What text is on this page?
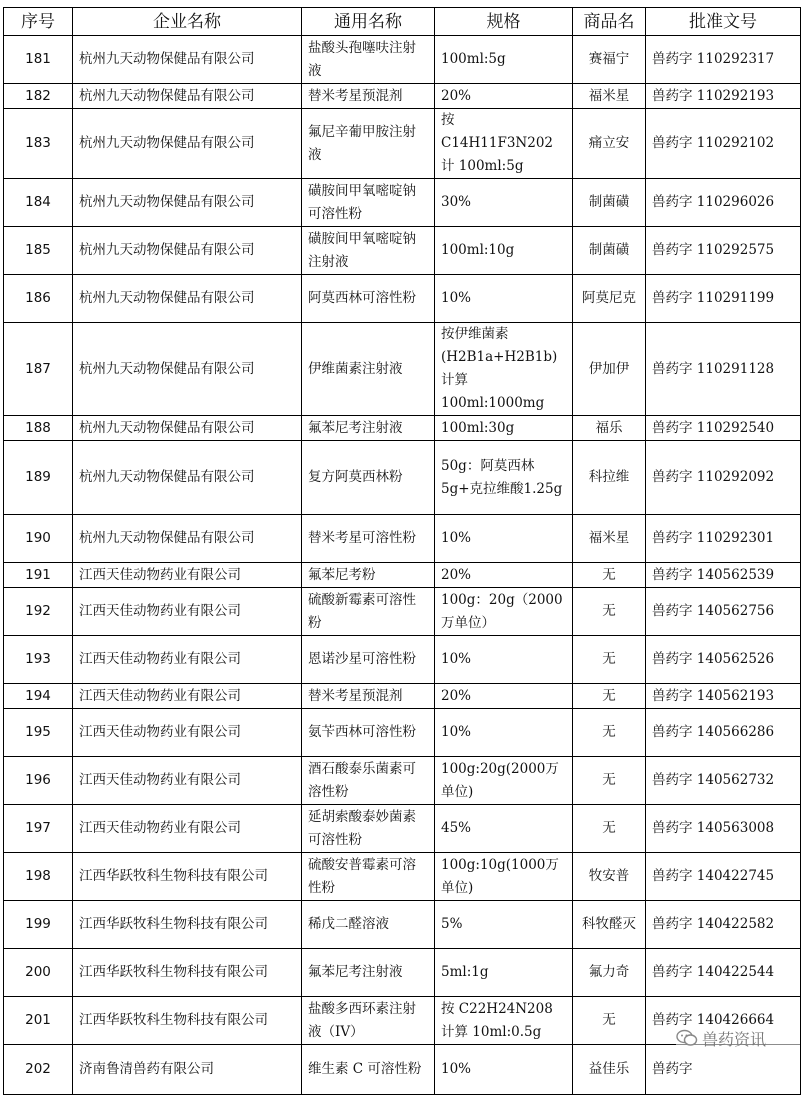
序号	企业名称	通用名称	规格	商品名	批准文号
181	杭州九天动物保健品有限公司	盐酸头孢噻呋注射液	100ml:5g	赛福宁	兽药字 110292317
182	杭州九天动物保健品有限公司	替米考星预混剂	20%	福米星	兽药字 110292193
183	杭州九天动物保健品有限公司	氟尼辛葡甲胺注射液	按 C14H11F3N202 计 100ml:5g	痛立安	兽药字 110292102
184	杭州九天动物保健品有限公司	磺胺间甲氧嘧啶钠可溶性粉	30%	制菌磺	兽药字 110296026
185	杭州九天动物保健品有限公司	磺胺间甲氧嘧啶钠注射液	100ml:10g	制菌磺	兽药字 110292575
186	杭州九天动物保健品有限公司	阿莫西林可溶性粉	10%	阿莫尼克	兽药字 110291199
187	杭州九天动物保健品有限公司	伊维菌素注射液	按伊维菌素(H2B1a+H2B1b)计算 100ml:1000mg	伊加伊	兽药字 110291128
188	杭州九天动物保健品有限公司	氟苯尼考注射液	100ml:30g	福乐	兽药字 110292540
189	杭州九天动物保健品有限公司	复方阿莫西林粉	50g：阿莫西林5g+克拉维酸1.25g	科拉维	兽药字 110292092
190	杭州九天动物保健品有限公司	替米考星可溶性粉	10%	福米星	兽药字 110292301
191	江西天佳动物药业有限公司	氟苯尼考粉	20%	无	兽药字 140562539
192	江西天佳动物药业有限公司	硫酸新霉素可溶性粉	100g：20g（2000万单位）	无	兽药字 140562756
193	江西天佳动物药业有限公司	恩诺沙星可溶性粉	10%	无	兽药字 140562526
194	江西天佳动物药业有限公司	替米考星预混剂	20%	无	兽药字 140562193
195	江西天佳动物药业有限公司	氨苄西林可溶性粉	10%	无	兽药字 140566286
196	江西天佳动物药业有限公司	酒石酸泰乐菌素可溶性粉	100g:20g(2000万单位)	无	兽药字 140562732
197	江西天佳动物药业有限公司	延胡索酸泰妙菌素可溶性粉	45%	无	兽药字 140563008
198	江西华跃牧科生物科技有限公司	硫酸安普霉素可溶性粉	100g:10g(1000万单位)	牧安普	兽药字 140422745
199	江西华跃牧科生物科技有限公司	稀戊二醛溶液	5%	科牧醛灭	兽药字 140422582
200	江西华跃牧科生物科技有限公司	氟苯尼考注射液	5ml:1g	氟力奇	兽药字 140422544
201	江西华跃牧科生物科技有限公司	盐酸多西环素注射液（IV）	按 C22H24N208 计算 10ml:0.5g	无	兽药字 140426664
202	济南鲁清兽药有限公司	维生素 C 可溶性粉	10%	益佳乐	兽药字
兽药资讯
